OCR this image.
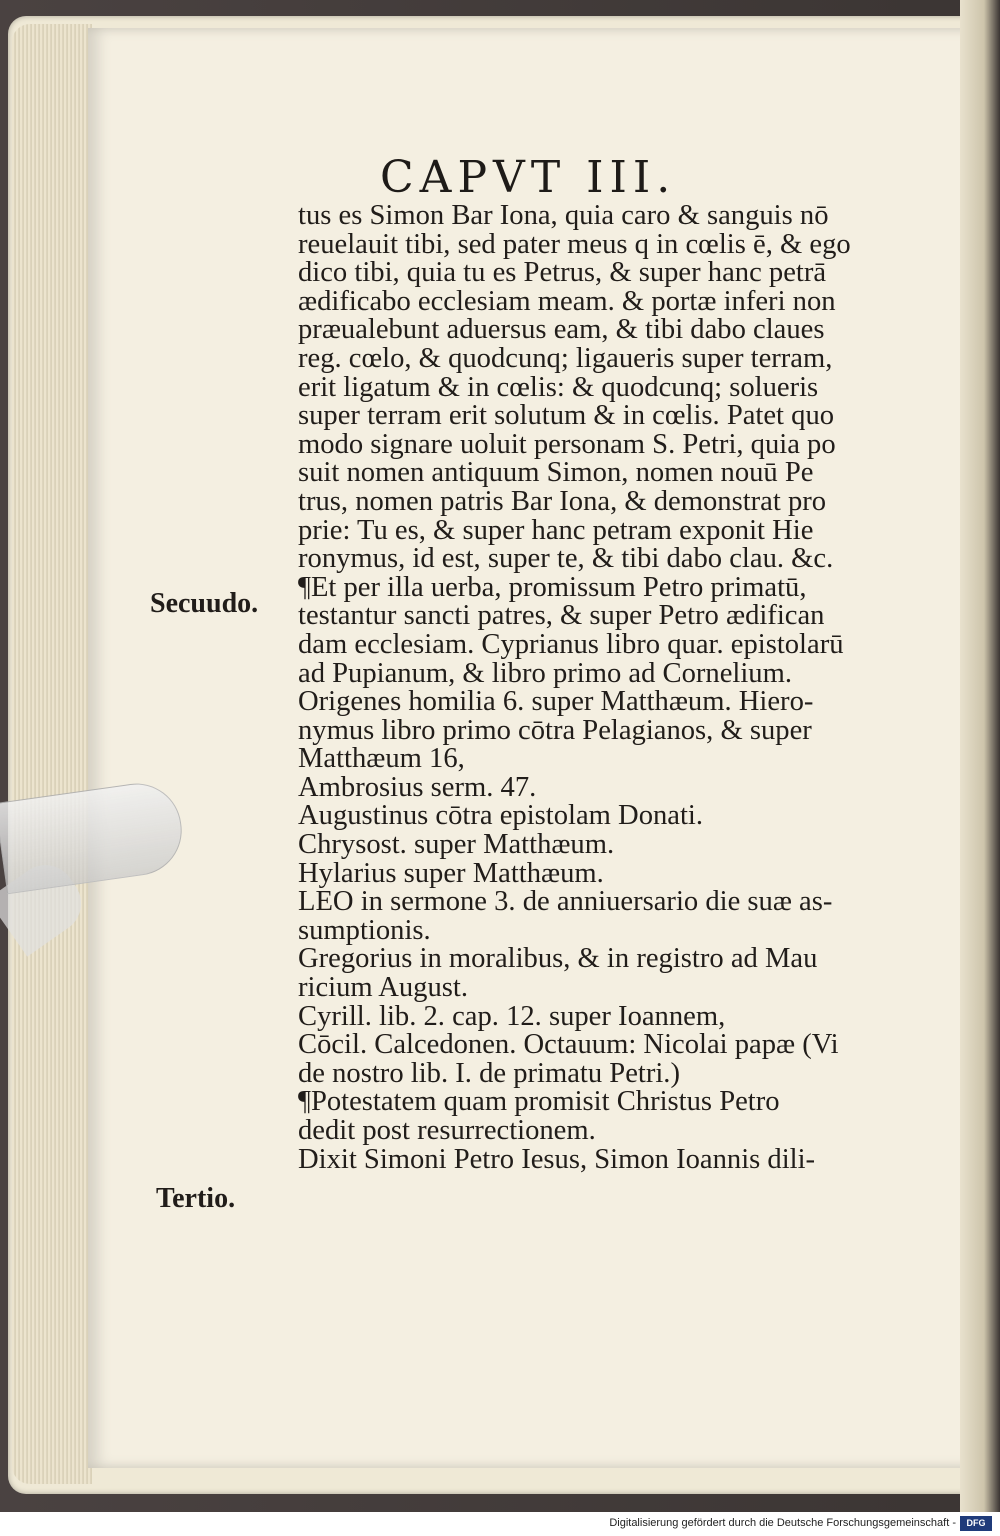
CAPVT III.
Secuudo.
Tertio.
tus es Simon Bar Iona, quia caro & sanguis nō
reuelauit tibi, sed pater meus q in cœlis ē, & ego
dico tibi, quia tu es Petrus, & super hanc petrā
ædificabo ecclesiam meam. & portæ inferi non
præualebunt aduersus eam, & tibi dabo claues
reg. cœlo, & quodcunq; ligaueris super terram,
erit ligatum & in cœlis: & quodcunq; solueris
super terram erit solutum & in cœlis. Patet quo
modo signare uoluit personam S. Petri, quia po
suit nomen antiquum Simon, nomen nouū Pe
trus, nomen patris Bar Iona, & demonstrat pro
prie: Tu es, & super hanc petram exponit Hie
ronymus, id est, super te, & tibi dabo clau. &c.
¶Et per illa uerba, promissum Petro primatū,
testantur sancti patres, & super Petro ædifican
dam ecclesiam. Cyprianus libro quar. epistolarū
ad Pupianum, & libro primo ad Cornelium.
Origenes homilia 6. super Matthæum. Hiero-
nymus libro primo cōtra Pelagianos, & super
Matthæum 16,
Ambrosius serm. 47.
Augustinus cōtra epistolam Donati.
Chrysost. super Matthæum.
Hylarius super Matthæum.
LEO in sermone 3. de anniuersario die suæ as-
sumptionis.
Gregorius in moralibus, & in registro ad Mau
ricium August.
Cyrill. lib. 2. cap. 12. super Ioannem,
Cōcil. Calcedonen. Octauum: Nicolai papæ (Vi
de nostro lib. I. de primatu Petri.)
¶Potestatem quam promisit Christus Petro
dedit post resurrectionem.
Dixit Simoni Petro Iesus, Simon Ioannis dili-
Digitalisierung gefördert durch die Deutsche Forschungsgemeinschaft -	DFG
